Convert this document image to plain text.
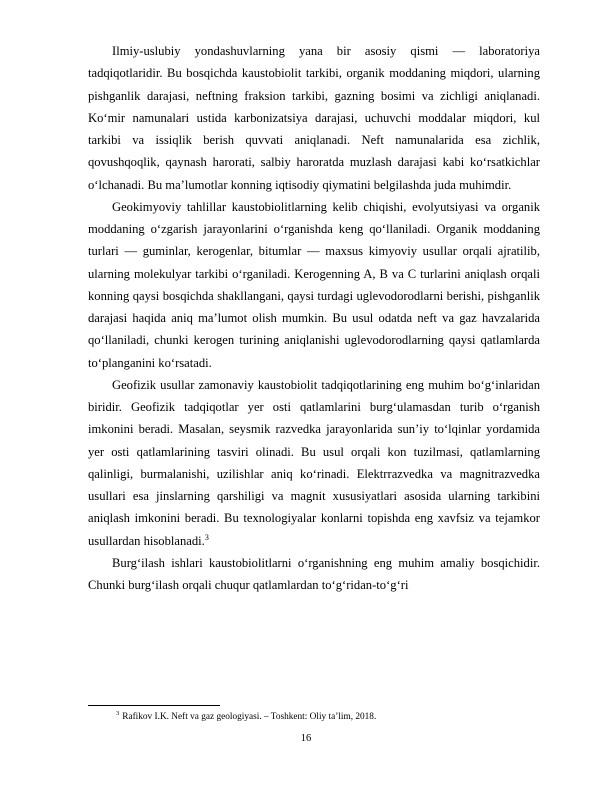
Ilmiy-uslubiy yondashuvlarning yana bir asosiy qismi — laboratoriya tadqiqotlaridir. Bu bosqichda kaustobiolit tarkibi, organik moddaning miqdori, ularning pishganlik darajasi, neftning fraksion tarkibi, gazning bosimi va zichligi aniqlanadi. Ko‘mir namunalari ustida karbonizatsiya darajasi, uchuvchi moddalar miqdori, kul tarkibi va issiqlik berish quvvati aniqlanadi. Neft namunalarida esa zichlik, qovushqoqlik, qaynash harorati, salbiy haroratda muzlash darajasi kabi ko‘rsatkichlar o‘lchanadi. Bu ma’lumotlar konning iqtisodiy qiymatini belgilashda juda muhimdir.

Geokimyoviy tahlillar kaustobiolitlarning kelib chiqishi, evolyutsiyasi va organik moddaning o‘zgarish jarayonlarini o‘rganishda keng qo‘llaniladi. Organik moddaning turlari — guminlar, kerogenlar, bitumlar — maxsus kimyoviy usullar orqali ajratilib, ularning molekulyar tarkibi o‘rganiladi. Kerogenning A, B va C turlarini aniqlash orqali konning qaysi bosqichda shakllangani, qaysi turdagi uglevodorodlarni berishi, pishganlik darajasi haqida aniq ma’lumot olish mumkin. Bu usul odatda neft va gaz havzalarida qo‘llaniladi, chunki kerogen turining aniqlanishi uglevodorodlarning qaysi qatlamlarda to‘planganini ko‘rsatadi.

Geofizik usullar zamonaviy kaustobiolit tadqiqotlarining eng muhim bo‘g‘inlaridan biridir. Geofizik tadqiqotlar yer osti qatlamlarini burg‘ulamasdan turib o‘rganish imkonini beradi. Masalan, seysmik razvedka jarayonlarida sun’iy to‘lqinlar yordamida yer osti qatlamlarining tasviri olinadi. Bu usul orqali kon tuzilmasi, qatlamlarning qalinligi, burmalanishi, uzilishlar aniq ko‘rinadi. Elektrrazvedka va magnitrazvedka usullari esa jinslarning qarshiligi va magnit xususiyatlari asosida ularning tarkibini aniqlash imkonini beradi. Bu texnologiyalar konlarni topishda eng xavfsiz va tejamkor usullardan hisoblanadi.$^3$

Burg‘ilash ishlari kaustobiolitlarni o‘rganishning eng muhim amaliy bosqichidir. Chunki burg‘ilash orqali chuqur qatlamlardan to‘g‘ridan-to‘g‘ri

$^3$ Rafikov I.K. Neft va gaz geologiyasi. – Toshkent: Oliy ta’lim, 2018.
16
